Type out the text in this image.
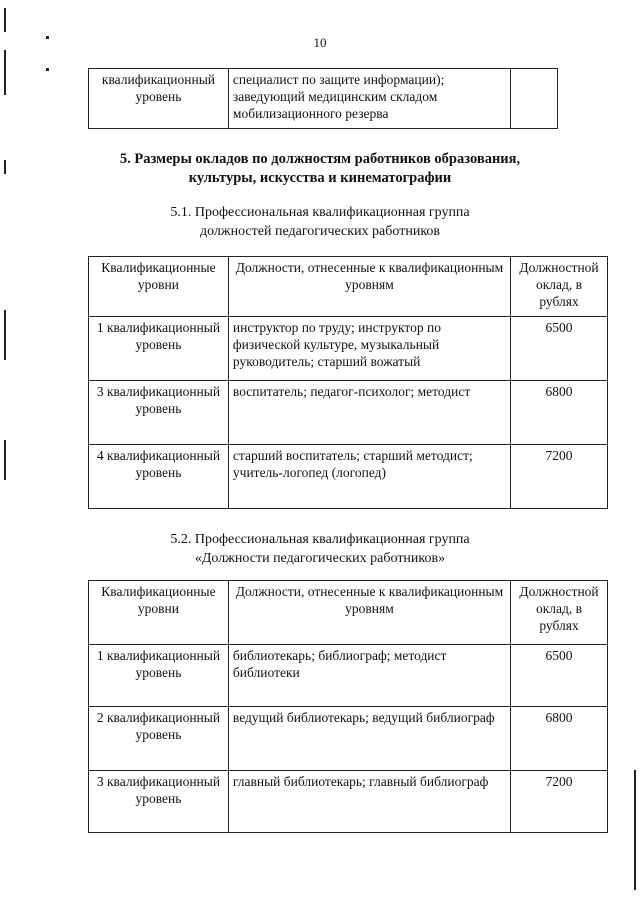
10
квалификационный уровень	специалист по защите информации); заведующий медицинским складом мобилизационного резерва	
5. Размеры окладов по должностям работников образования,
культуры, искусства и кинематографии
5.1. Профессиональная квалификационная группа
должностей педагогических работников
Квалификационные уровни	Должности, отнесенные к квалификационным уровням	Должностной оклад, в рублях
1 квалификационный уровень	инструктор по труду; инструктор по физической культуре, музыкальный руководитель; старший вожатый	6500
3 квалификационный уровень	воспитатель; педагог-психолог; методист	6800
4 квалификационный уровень	старший воспитатель; старший методист; учитель-логопед (логопед)	7200
5.2. Профессиональная квалификационная группа
«Должности педагогических работников»
Квалификационные уровни	Должности, отнесенные к квалификационным уровням	Должностной оклад, в рублях
1 квалификационный уровень	библиотекарь; библиограф; методист библиотеки	6500
2 квалификационный уровень	ведущий библиотекарь; ведущий библиограф	6800
3 квалификационный уровень	главный библиотекарь; главный библиограф	7200
